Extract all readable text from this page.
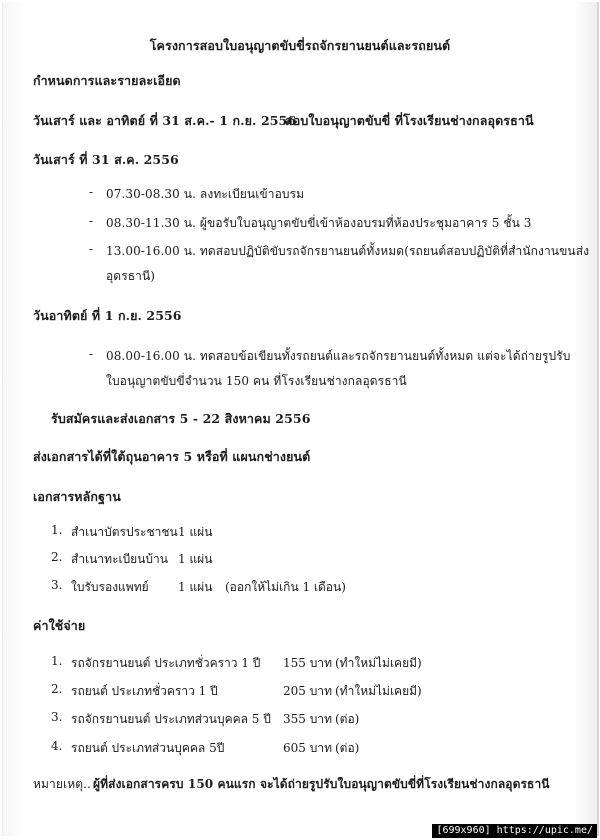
โครงการสอบใบอนุญาตขับขี่รถจักรยานยนต์และรถยนต์
กำหนดการและรายละเอียด
วันเสาร์ และ อาทิตย์ ที่ 31 ส.ค.- 1 ก.ย. 2556
สอบใบอนุญาตขับขี่ ที่โรงเรียนช่างกลอุดรธานี
วันเสาร์ ที่ 31 ส.ค. 2556
- 07.30-08.30 น. ลงทะเบียนเข้าอบรม
- 08.30-11.30 น. ผู้ขอรับใบอนุญาตขับขี่เข้าห้องอบรมที่ห้องประชุมอาคาร 5 ชั้น 3
- 13.00-16.00 น. ทดสอบปฏิบัติขับรถจักรยานยนต์ทั้งหมด(รถยนต์สอบปฏิบัติที่สำนักงานขนส่ง
อุดรธานี)
วันอาทิตย์ ที่ 1 ก.ย. 2556
- 08.00-16.00 น. ทดสอบข้อเขียนทั้งรถยนต์และรถจักรยานยนต์ทั้งหมด แต่จะได้ถ่ายรูปรับ
ใบอนุญาตขับขี่จำนวน 150 คน ที่โรงเรียนช่างกลอุดรธานี
รับสมัครและส่งเอกสาร 5 - 22 สิงหาคม 2556
ส่งเอกสารได้ที่ใต้ถุนอาคาร 5 หรือที่ แผนกช่างยนต์
เอกสารหลักฐาน
1. สำเนาบัตรประชาชน 1 แผ่น
2. สำเนาทะเบียนบ้าน 1 แผ่น
3. ใบรับรองแพทย์ 1 แผ่น (ออกให้ไม่เกิน 1 เดือน)
ค่าใช้จ่าย
1. รถจักรยานยนต์ ประเภทชั่วคราว 1 ปี 155 บาท (ทำใหม่ไม่เคยมี)
2. รถยนต์ ประเภทชั่วคราว 1 ปี	205 บาท (ทำใหม่ไม่เคยมี)
3. รถจักรยานยนต์ ประเภทส่วนบุคคล 5 ปี 355 บาท (ต่อ)
4. รถยนต์ ประเภทส่วนบุคคล 5ปี	605 บาท (ต่อ)
หมายเหตุ.. ผู้ที่ส่งเอกสารครบ 150 คนแรก จะได้ถ่ายรูปรับใบอนุญาตขับขี่ที่โรงเรียนช่างกลอุดรธานี
[699x960] https://upic.me/
